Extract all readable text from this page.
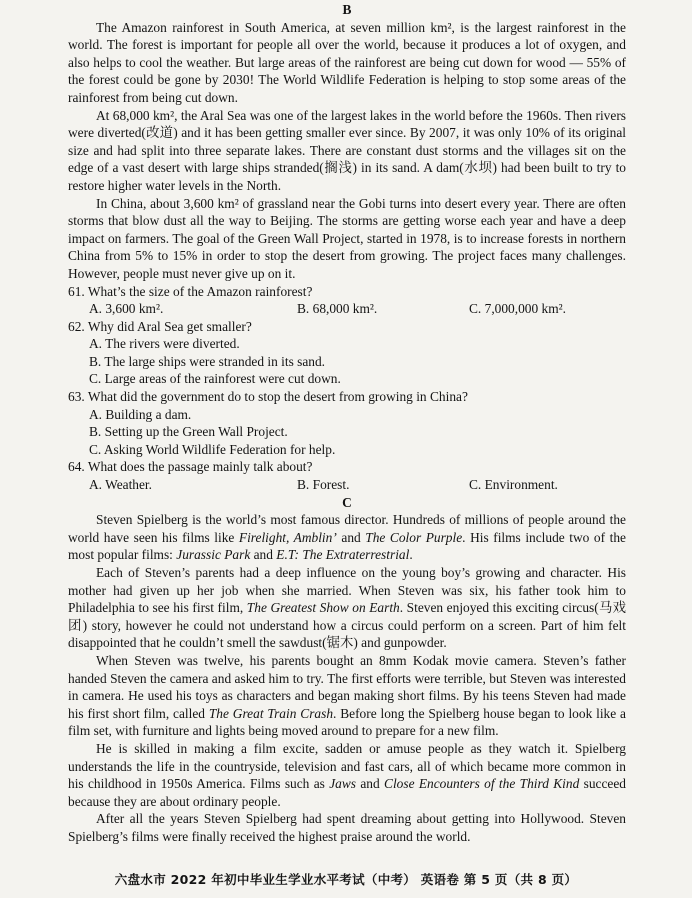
B

The Amazon rainforest in South America, at seven million km², is the largest rainforest in the world. The forest is important for people all over the world, because it produces a lot of oxygen, and also helps to cool the weather. But large areas of the rainforest are being cut down for wood — 55% of the forest could be gone by 2030! The World Wildlife Federation is helping to stop some areas of the rainforest from being cut down.

At 68,000 km², the Aral Sea was one of the largest lakes in the world before the 1960s. Then rivers were diverted(改道) and it has been getting smaller ever since. By 2007, it was only 10% of its original size and had split into three separate lakes. There are constant dust storms and the villages sit on the edge of a vast desert with large ships stranded(搁浅) in its sand. A dam(水坝) had been built to try to restore higher water levels in the North.

In China, about 3,600 km² of grassland near the Gobi turns into desert every year. There are often storms that blow dust all the way to Beijing. The storms are getting worse each year and have a deep impact on farmers. The goal of the Green Wall Project, started in 1978, is to increase forests in northern China from 5% to 15% in order to stop the desert from growing. The project faces many challenges. However, people must never give up on it.

61. What’s the size of the Amazon rainforest?
A. 3,600 km².	B. 68,000 km².	C. 7,000,000 km².
62. Why did Aral Sea get smaller?
A. The rivers were diverted.
B. The large ships were stranded in its sand.
C. Large areas of the rainforest were cut down.
63. What did the government do to stop the desert from growing in China?
A. Building a dam.
B. Setting up the Green Wall Project.
C. Asking World Wildlife Federation for help.
64. What does the passage mainly talk about?
A. Weather.	B. Forest.	C. Environment.
C

Steven Spielberg is the world’s most famous director. Hundreds of millions of people around the world have seen his films like Firelight, Amblin’ and The Color Purple. His films include two of the most popular films: Jurassic Park and E.T: The Extraterrestrial.

Each of Steven’s parents had a deep influence on the young boy’s growing and character. His mother had given up her job when she married. When Steven was six, his father took him to Philadelphia to see his first film, The Greatest Show on Earth. Steven enjoyed this exciting circus(马戏团) story, however he could not understand how a circus could perform on a screen. Part of him felt disappointed that he couldn’t smell the sawdust(锯木) and gunpowder.

When Steven was twelve, his parents bought an 8mm Kodak movie camera. Steven’s father handed Steven the camera and asked him to try. The first efforts were terrible, but Steven was interested in camera. He used his toys as characters and began making short films. By his teens Steven had made his first short film, called The Great Train Crash. Before long the Spielberg house began to look like a film set, with furniture and lights being moved around to prepare for a new film.

He is skilled in making a film excite, sadden or amuse people as they watch it. Spielberg understands the life in the countryside, television and fast cars, all of which became more common in his childhood in 1950s America. Films such as Jaws and Close Encounters of the Third Kind succeed because they are about ordinary people.

After all the years Steven Spielberg had spent dreaming about getting into Hollywood. Steven Spielberg’s films were finally received the highest praise around the world.

六盘水市 2022 年初中毕业生学业水平考试（中考） 英语卷 第 5 页（共 8 页）
